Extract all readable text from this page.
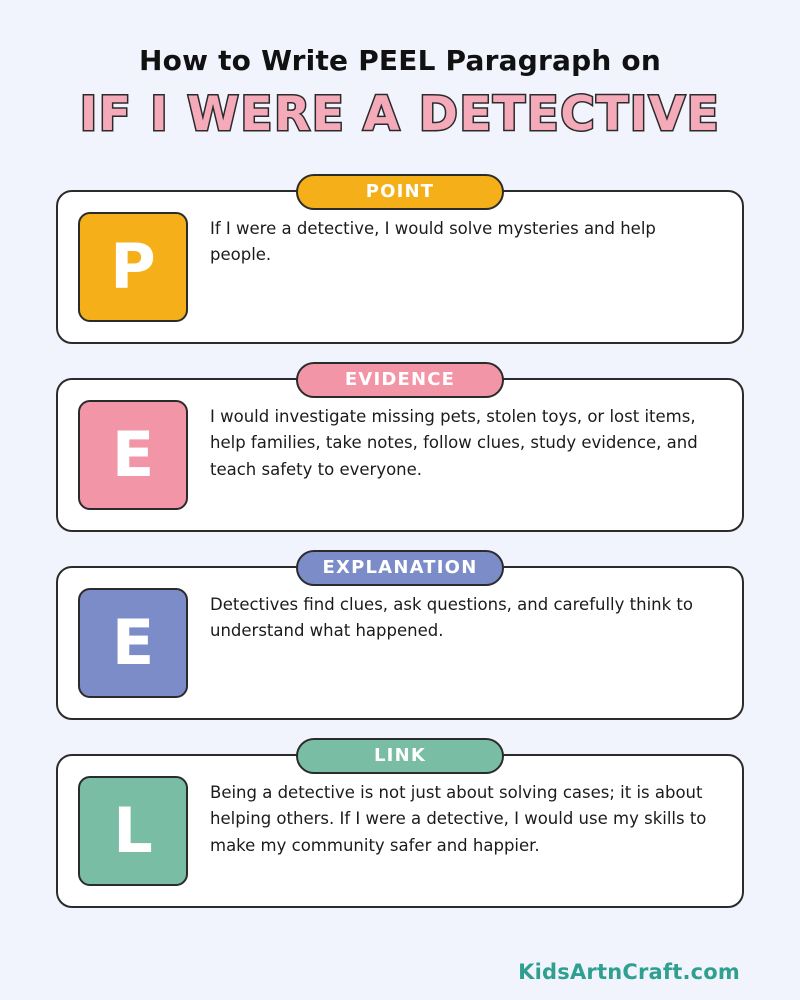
How to Write PEEL Paragraph on
IF I WERE A DETECTIVE
POINT
P
If I were a detective, I would solve mysteries and help people.
EVIDENCE
E
I would investigate missing pets, stolen toys, or lost items, help families, take notes, follow clues, study evidence, and teach safety to everyone.
EXPLANATION
E
Detectives find clues, ask questions, and carefully think to understand what happened.
LINK
L
Being a detective is not just about solving cases; it is about helping others. If I were a detective, I would use my skills to make my community safer and happier.
KidsArtnCraft.com
